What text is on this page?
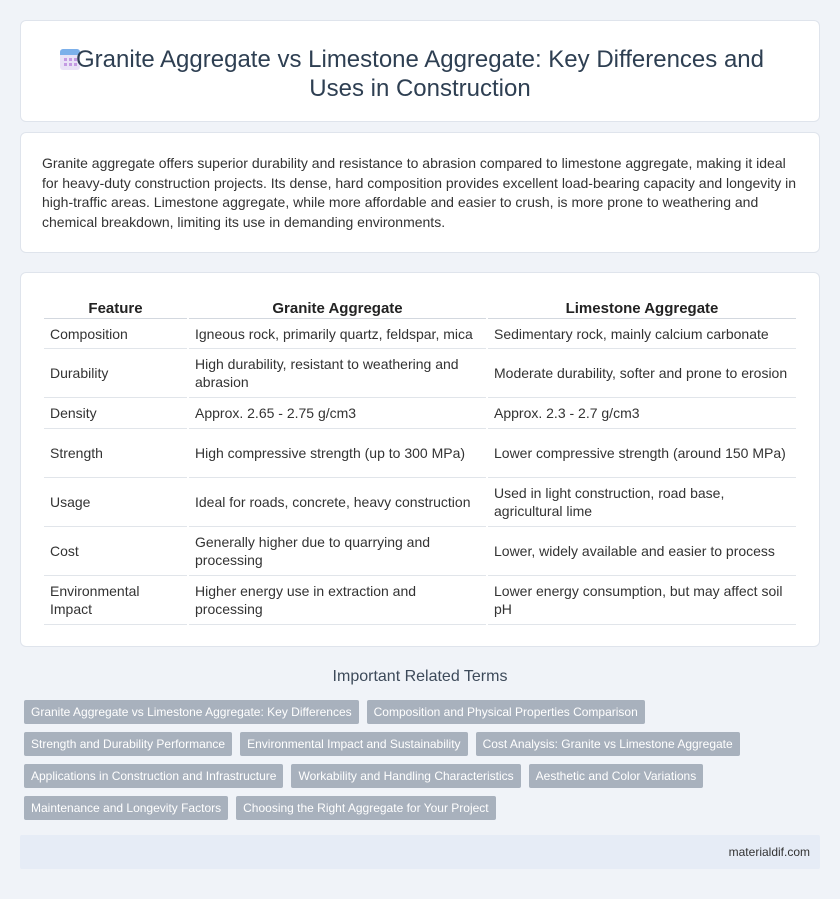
Granite Aggregate vs Limestone Aggregate: Key Differences and Uses in Construction

Granite aggregate offers superior durability and resistance to abrasion compared to limestone aggregate, making it ideal for heavy-duty construction projects. Its dense, hard composition provides excellent load-bearing capacity and longevity in high-traffic areas. Limestone aggregate, while more affordable and easier to crush, is more prone to weathering and chemical breakdown, limiting its use in demanding environments.

Feature	Granite Aggregate	Limestone Aggregate
Composition	Igneous rock, primarily quartz, feldspar, mica	Sedimentary rock, mainly calcium carbonate
Durability	High durability, resistant to weathering and abrasion	Moderate durability, softer and prone to erosion
Density	Approx. 2.65 - 2.75 g/cm3	Approx. 2.3 - 2.7 g/cm3
Strength	High compressive strength (up to 300 MPa)	Lower compressive strength (around 150 MPa)
Usage	Ideal for roads, concrete, heavy construction	Used in light construction, road base, agricultural lime
Cost	Generally higher due to quarrying and processing	Lower, widely available and easier to process
Environmental Impact	Higher energy use in extraction and processing	Lower energy consumption, but may affect soil pH
Important Related Terms
Granite Aggregate vs Limestone Aggregate: Key Differences	Composition and Physical Properties Comparison
Strength and Durability Performance	Environmental Impact and Sustainability	Cost Analysis: Granite vs Limestone Aggregate
Applications in Construction and Infrastructure	Workability and Handling Characteristics	Aesthetic and Color Variations
Maintenance and Longevity Factors	Choosing the Right Aggregate for Your Project
materialdif.com
